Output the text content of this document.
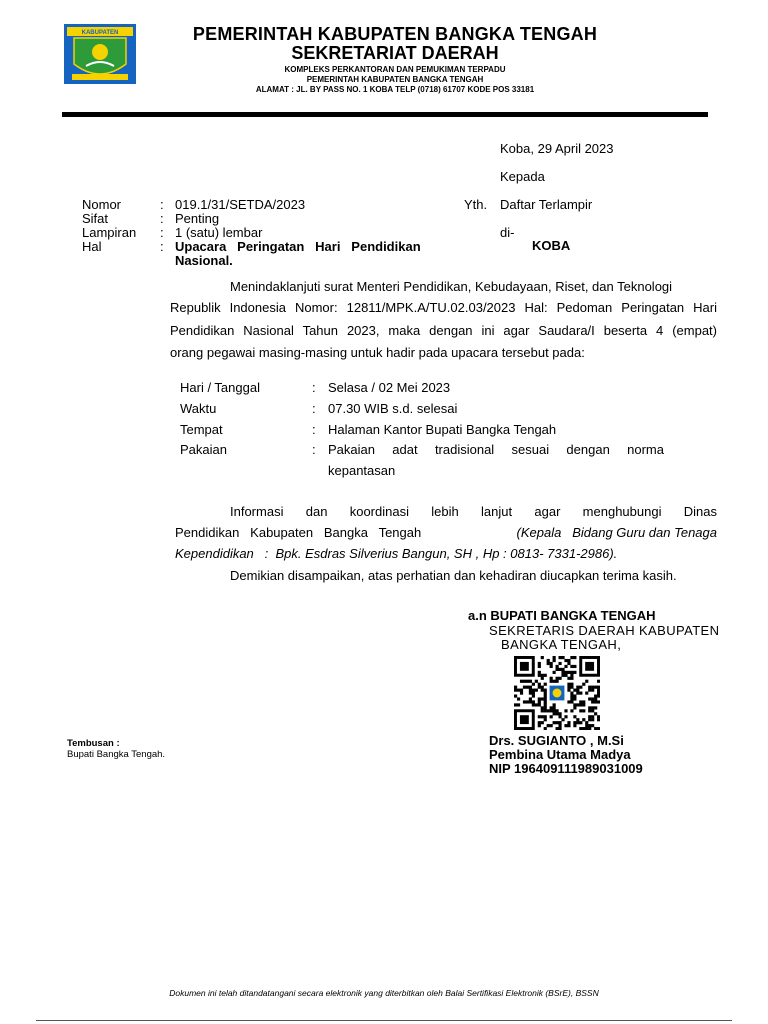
KABUPATEN	PEMERINTAH KABUPATEN BANGKA TENGAH
SEKRETARIAT DAERAH
KOMPLEKS PERKANTORAN DAN PEMUKIMAN TERPADU
PEMERINTAH KABUPATEN BANGKA TENGAH
ALAMAT : JL. BY PASS NO. 1 KOBA TELP (0718) 61707 KODE POS 33181
Koba, 29 April 2023
Kepada
Nomor	: 019.1/31/SETDA/2023
Sifat	: Penting
Lampiran : 1 (satu) lembar
Hal	: Upacara   Peringatan   Hari   Pendidikan
Nasional.
Yth. Daftar Terlampir
di-
KOBA
Menindaklanjuti surat Menteri Pendidikan, Kebudayaan, Riset, dan Teknologi
Republik Indonesia Nomor: 12811/MPK.A/TU.02.03/2023 Hal: Pedoman Peringatan Hari
Pendidikan Nasional Tahun 2023, maka dengan ini agar Saudara/I beserta 4 (empat)
orang pegawai masing-masing untuk hadir pada upacara tersebut pada:
Hari / Tanggal	: Selasa / 02 Mei 2023
Waktu	: 07.30 WIB s.d. selesai
Tempat	: Halaman Kantor Bupati Bangka Tengah
Pakaian	: Pakaian adat tradisional sesuai dengan norma
kepantasan
Informasi dan koordinasi lebih lanjut agar menghubungi Dinas
Pendidikan   Kabupaten   Bangka   Tengah	(Kepala   Bidang Guru dan Tenaga
Kependidikan   :  Bpk. Esdras Silverius Bangun, SH , Hp : 0813- 7331-2986).
Demikian disampaikan, atas perhatian dan kehadiran diucapkan terima kasih.
a.n BUPATI BANGKA TENGAH
SEKRETARIS DAERAH KABUPATEN
BANGKA TENGAH,
Drs. SUGIANTO , M.Si
Pembina Utama Madya
NIP 196409111989031009
Tembusan :
Bupati Bangka Tengah.
Dokumen ini telah ditandatangani secara elektronik yang diterbitkan oleh Balai Sertifikasi Elektronik (BSrE), BSSN
